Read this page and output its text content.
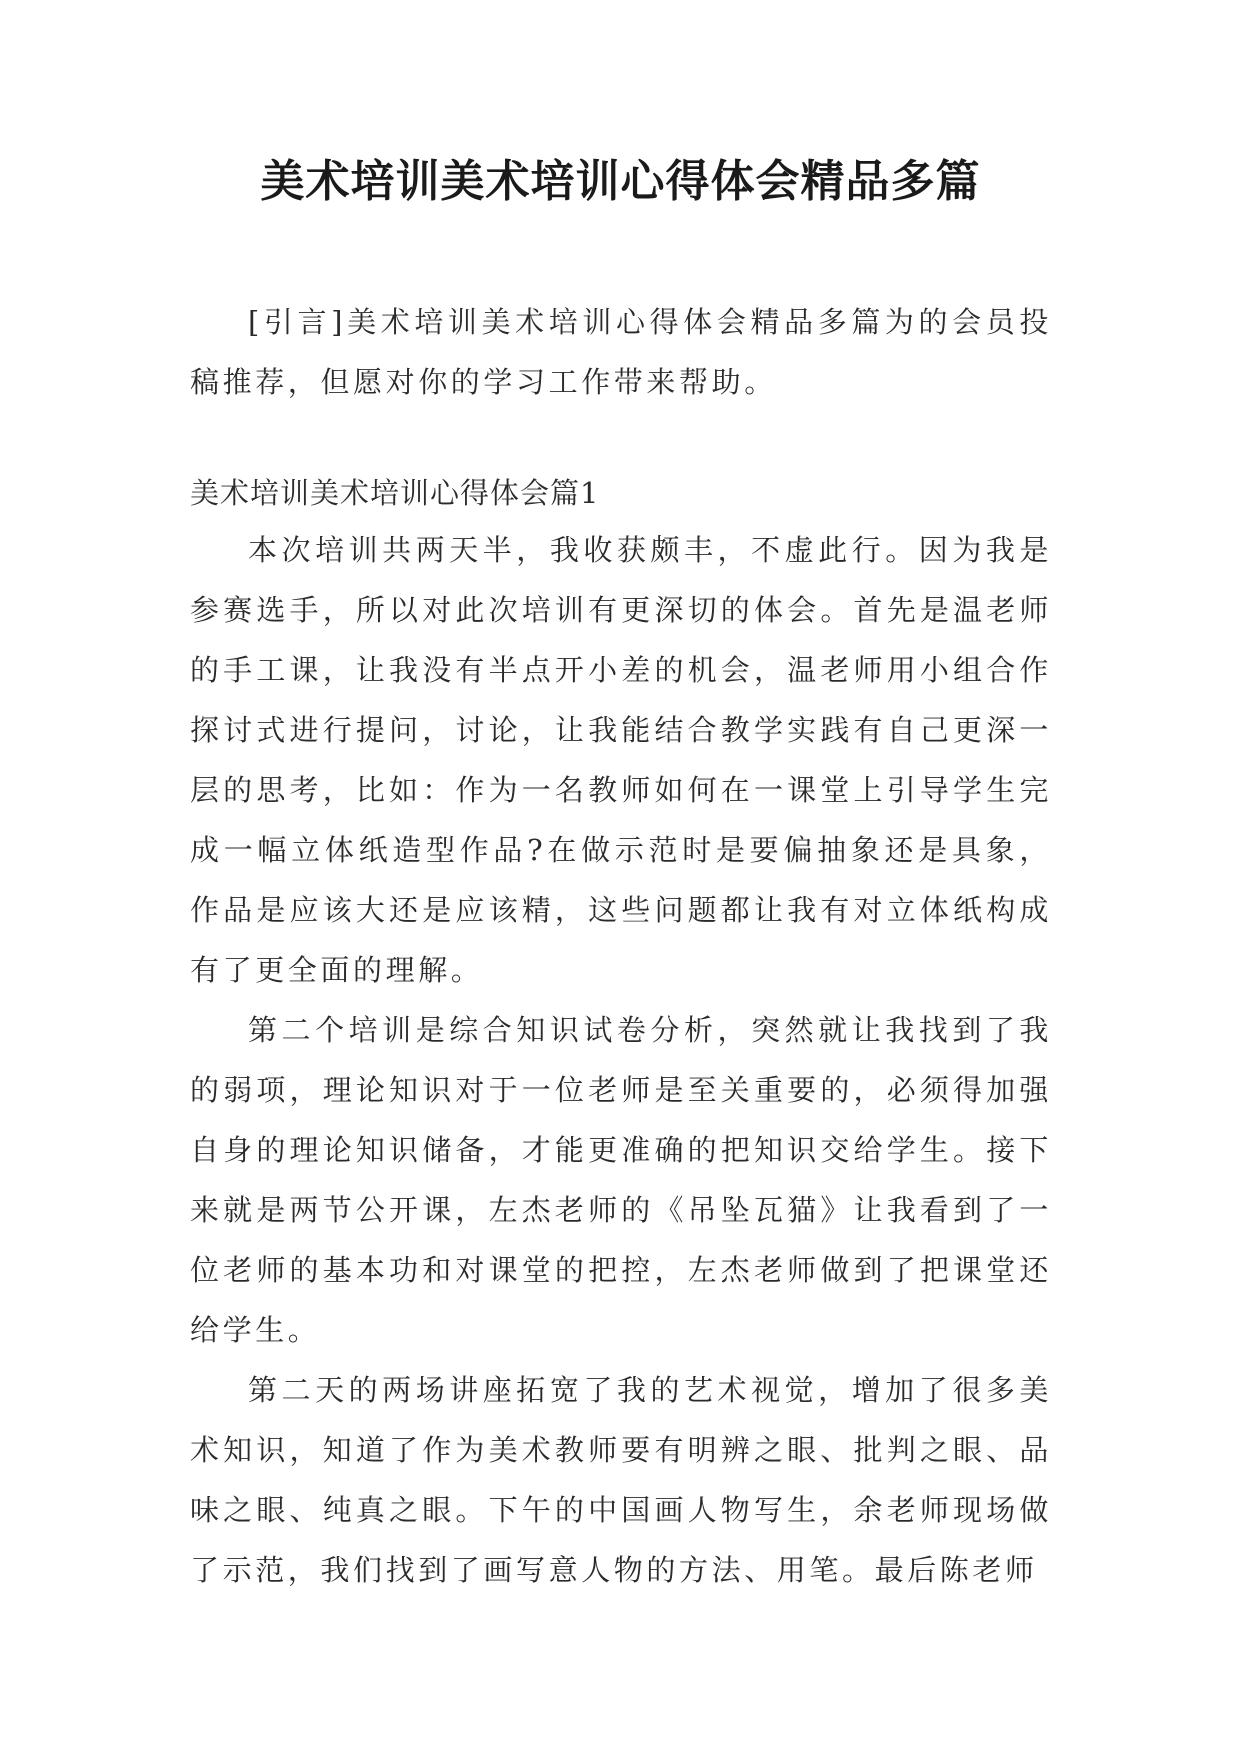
美术培训美术培训心得体会精品多篇

[引言]美术培训美术培训心得体会精品多篇为的会员投稿推荐，但愿对你的学习工作带来帮助。

美术培训美术培训心得体会篇1

本次培训共两天半，我收获颇丰，不虚此行。因为我是参赛选手，所以对此次培训有更深切的体会。首先是温老师的手工课，让我没有半点开小差的机会，温老师用小组合作探讨式进行提问，讨论，让我能结合教学实践有自己更深一层的思考，比如：作为一名教师如何在一课堂上引导学生完成一幅立体纸造型作品?在做示范时是要偏抽象还是具象，作品是应该大还是应该精，这些问题都让我有对立体纸构成有了更全面的理解。

第二个培训是综合知识试卷分析，突然就让我找到了我的弱项，理论知识对于一位老师是至关重要的，必须得加强自身的理论知识储备，才能更准确的把知识交给学生。接下来就是两节公开课，左杰老师的《吊坠瓦猫》让我看到了一位老师的基本功和对课堂的把控，左杰老师做到了把课堂还给学生。

第二天的两场讲座拓宽了我的艺术视觉，增加了很多美术知识，知道了作为美术教师要有明辨之眼、批判之眼、品味之眼、纯真之眼。下午的中国画人物写生，余老师现场做了示范，我们找到了画写意人物的方法、用笔。最后陈老师
